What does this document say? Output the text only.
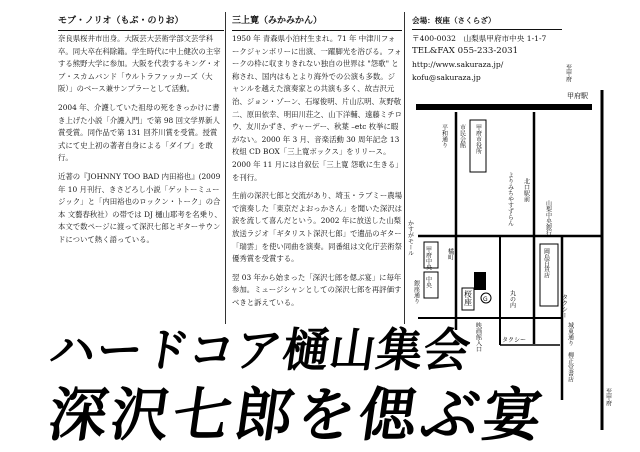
モブ・ノリオ（もぶ・のりお）

奈良県桜井市出身。大阪芸大芸術学部文芸学科卒。同大卒在科除籍。学生時代に中上健次の主宰する熊野大学に参加。大阪を代表するキング・オブ・スカムバンド「ウルトラファッカーズ（大阪）」のベース兼サンプラーとして活動。

2004 年、介護していた祖母の死をきっかけに書き上げた小説「介護入門」で第 98 回文学界新人賞受賞。同作品で第 131 回芥川賞を受賞。授賞式にて史上初の著者自身による「ダイブ」を敢行。

近著の『JOHNNY TOO BAD 内田裕也』(2009 年 10 月刊行、きさどろし小説「ゲットーミュージック」と「内田裕也のロックン・トーク」の合本 文藝春秋社）の帯では DJ 樋山耶考を名乗り、本文で数ページに渡って深沢七郎とギターサウンドについて熱く語っている。

三上寛（みかみかん）

1950 年 青森県小泊村生まれ。71 年 中津川フォークジャンボリーに出演、一躍脚光を浴びる。フォークの枠に収まりきれない独自の世界は "怨歌" と称され、国内はもとより海外での公演も多数。ジャンルを越えた演奏家との共演も多く、故吉沢元治、ジョン・ゾーン、石塚俊明、片山広明、灰野敬二、原田依幸、明田川荘之、山下洋輔、遠藤ミチロウ、友川かずき、ヂャーデー、秋葉 –etc 枚挙に暇がない。2000 年 3 月、音楽活動 30 周年記念 13 枚組 CD BOX「三上寛ボックス」をリリース。2000 年 11 月には自叙伝「三上寛 怨歌に生きる」を刊行。

生前の深沢七郎と交流があり、埼玉・ラブミー農場で演奏した「東京だよおっかさん」を聞いた深沢は涙を流して喜んだという。2002 年に放送した山梨放送ラジオ「ギタリスト深沢七郎」で遺品のギター「瑞雲」を使い同曲を演奏。同番組は文化庁芸術祭優秀賞を受賞する。

翌 03 年から始まった「深沢七郎を偲ぶ宴」に毎年参加。ミュージシャンとしての深沢七郎を再評価すべきと訴えている。

会場：桜座（さくらざ）
〒400-0032　山梨県甲府市中央 1-1-7
TEL&FAX 055-233-2031
http://www.sakuraza.jp/
kofu@sakuraza.jp
甲府駅
至甲府
至甲府
平和通り 市民会館 甲府市役所
よりみちやすずらん 北口駅前
山梨中央銀行
かすがモール
岡島百貨店
甲府中央
中央
橘町
銀座通り	桜座 G	丸の内
映画館入口	タクシー	城東通り
タクシー
柳正堂書店
ハードコア樋山集会
深沢七郎を偲ぶ宴
